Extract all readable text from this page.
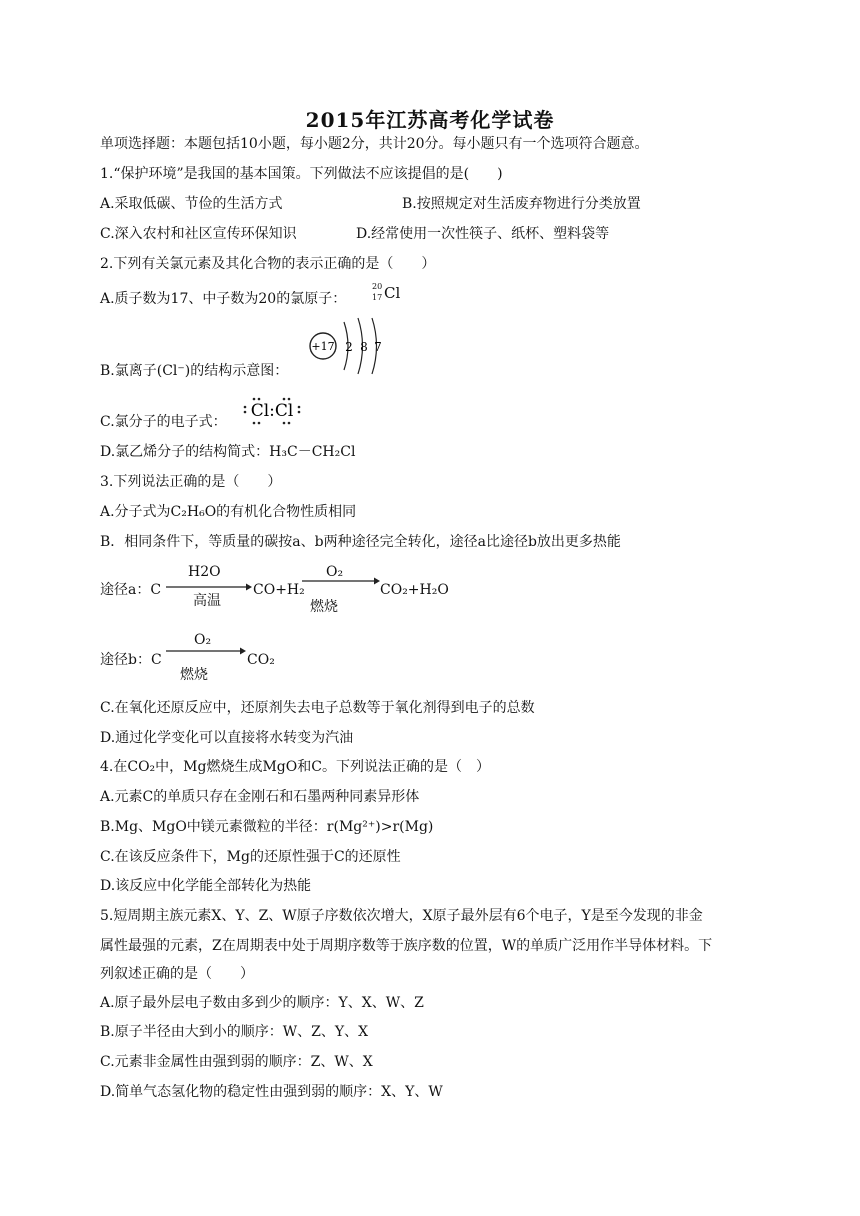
2015年江苏高考化学试卷
单项选择题：本题包括10小题，每小题2分，共计20分。每小题只有一个选项符合题意。
1.“保护环境”是我国的基本国策。下列做法不应该提倡的是(　　)
A.采取低碳、节俭的生活方式	B.按照规定对生活废弃物进行分类放置
C.深入农村和社区宣传环保知识	D.经常使用一次性筷子、纸杯、塑料袋等
2.下列有关氯元素及其化合物的表示正确的是（　　）
A.质子数为17、中子数为20的氯原子：
20
17 Cl
B.氯离子(Cl⁻)的结构示意图：
+17 2 8 7
C.氯分子的电子式：
Cl:Cl
D.氯乙烯分子的结构简式：H₃C－CH₂Cl
3.下列说法正确的是（　　）
A.分子式为C₂H₆O的有机化合物性质相同
B．相同条件下，等质量的碳按a、b两种途径完全转化，途径a比途径b放出更多热能
途径a：C
H2O
高温
CO+H₂
O₂
燃烧
CO₂+H₂O
途径b：C
O₂
燃烧
CO₂
C.在氧化还原反应中，还原剂失去电子总数等于氧化剂得到电子的总数
D.通过化学变化可以直接将水转变为汽油
4.在CO₂中，Mg燃烧生成MgO和C。下列说法正确的是（　）
A.元素C的单质只存在金刚石和石墨两种同素异形体
B.Mg、MgO中镁元素微粒的半径：r(Mg²⁺)>r(Mg)
C.在该反应条件下，Mg的还原性强于C的还原性
D.该反应中化学能全部转化为热能
5.短周期主族元素X、Y、Z、W原子序数依次增大，X原子最外层有6个电子，Y是至今发现的非金
属性最强的元素，Z在周期表中处于周期序数等于族序数的位置，W的单质广泛用作半导体材料。下
列叙述正确的是（　　）
A.原子最外层电子数由多到少的顺序：Y、X、W、Z
B.原子半径由大到小的顺序：W、Z、Y、X
C.元素非金属性由强到弱的顺序：Z、W、X
D.简单气态氢化物的稳定性由强到弱的顺序：X、Y、W
